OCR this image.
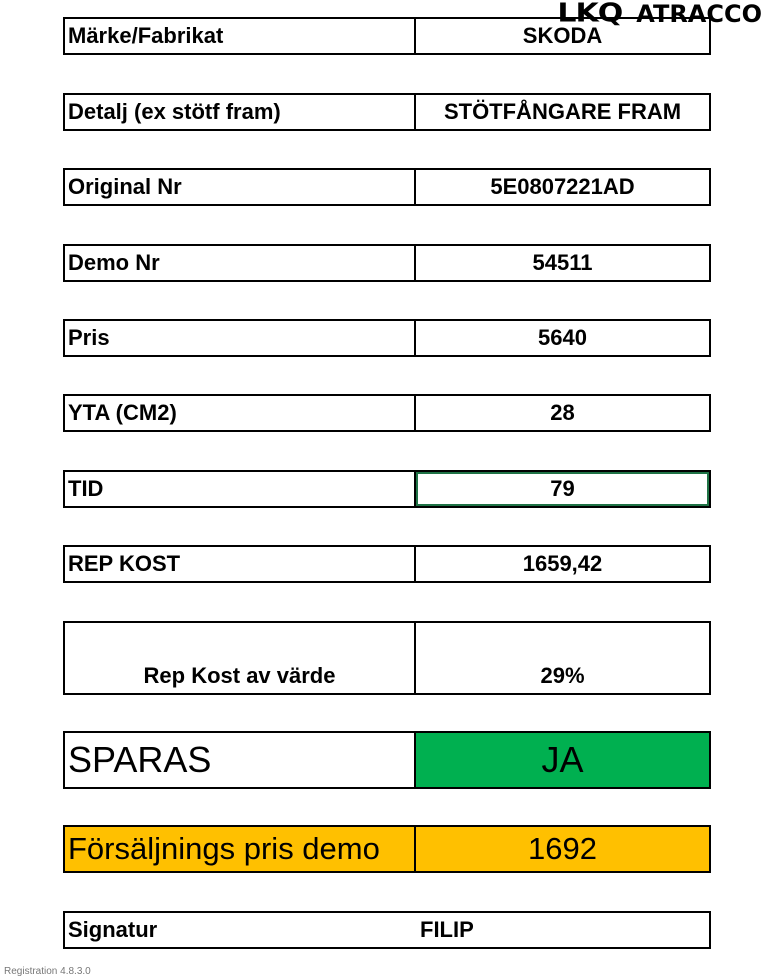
LKQ ATRACCO
Märke/Fabrikat	SKODA
Detalj (ex stötf fram)	STÖTFÅNGARE FRAM
Original Nr	5E0807221AD
Demo Nr	54511
Pris	5640
YTA (CM2)	28
TID	79
REP KOST	1659,42
Rep Kost av värde	29%
SPARAS	JA
Försäljnings pris demo	1692
Signatur	FILIP
Registration 4.8.3.0
